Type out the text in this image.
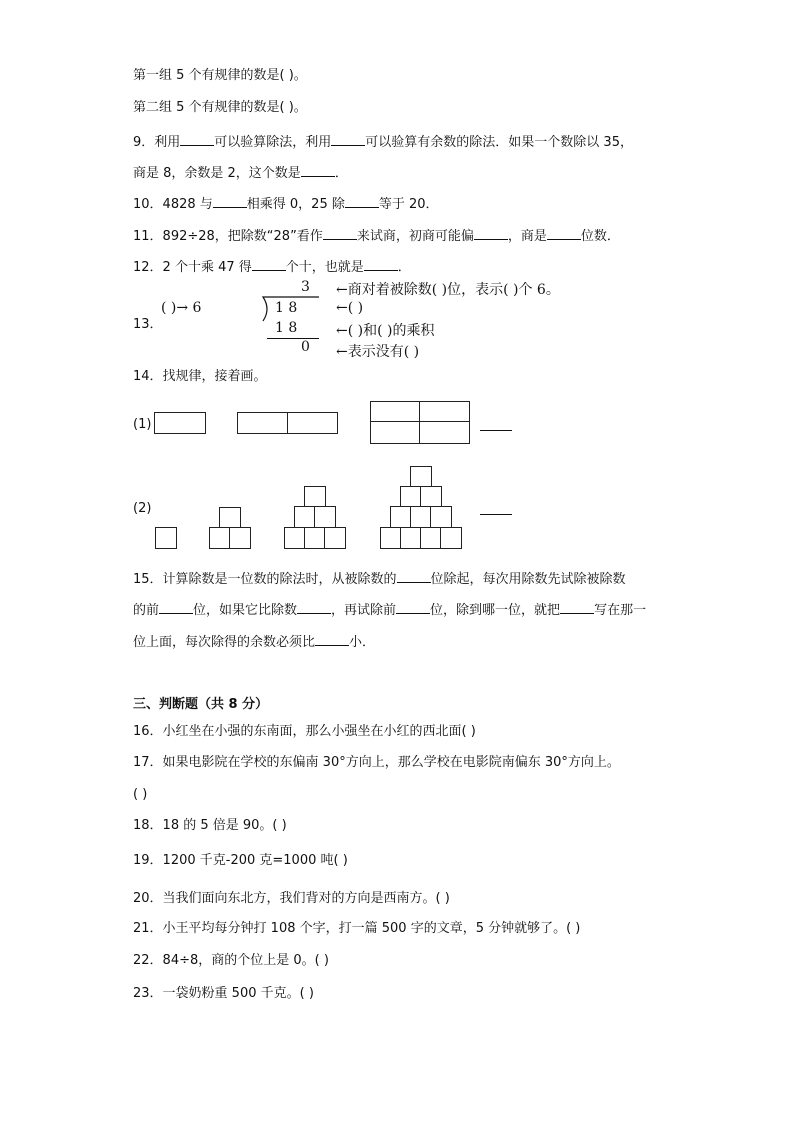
第一组 5 个有规律的数是( )。
第二组 5 个有规律的数是( )。
9．利用	可以验算除法，利用	可以验算有余数的除法．如果一个数除以 35，
商是 8，余数是 2，这个数是	．
10．4828 与	相乘得 0，25 除	等于 20．
11．892÷28，把除数“28”看作	来试商，初商可能偏	，商是	位数．
12．2 个十乘 47 得	个十，也就是	．
13．
( )→ 6
3
1 8
1 8
0
←商对着被除数( )位，表示( )个 6。
←( )
←( )和( )的乘积
←表示没有( )
14．找规律，接着画。
(1)
(2)
15．计算除数是一位数的除法时，从被除数的	位除起，每次用除数先试除被除数
的前	位，如果它比除数	，再试除前	位，除到哪一位，就把	写在那一
位上面，每次除得的余数必须比	小．
三、判断题（共 8 分）
16．小红坐在小强的东南面，那么小强坐在小红的西北面( )
17．如果电影院在学校的东偏南 30°方向上，那么学校在电影院南偏东 30°方向上。
( )
18．18 的 5 倍是 90。( )
19．1200 千克-200 克=1000 吨( )
20．当我们面向东北方，我们背对的方向是西南方。( )
21．小王平均每分钟打 108 个字，打一篇 500 字的文章，5 分钟就够了。( )
22．84÷8，商的个位上是 0。( )
23．一袋奶粉重 500 千克。( )
